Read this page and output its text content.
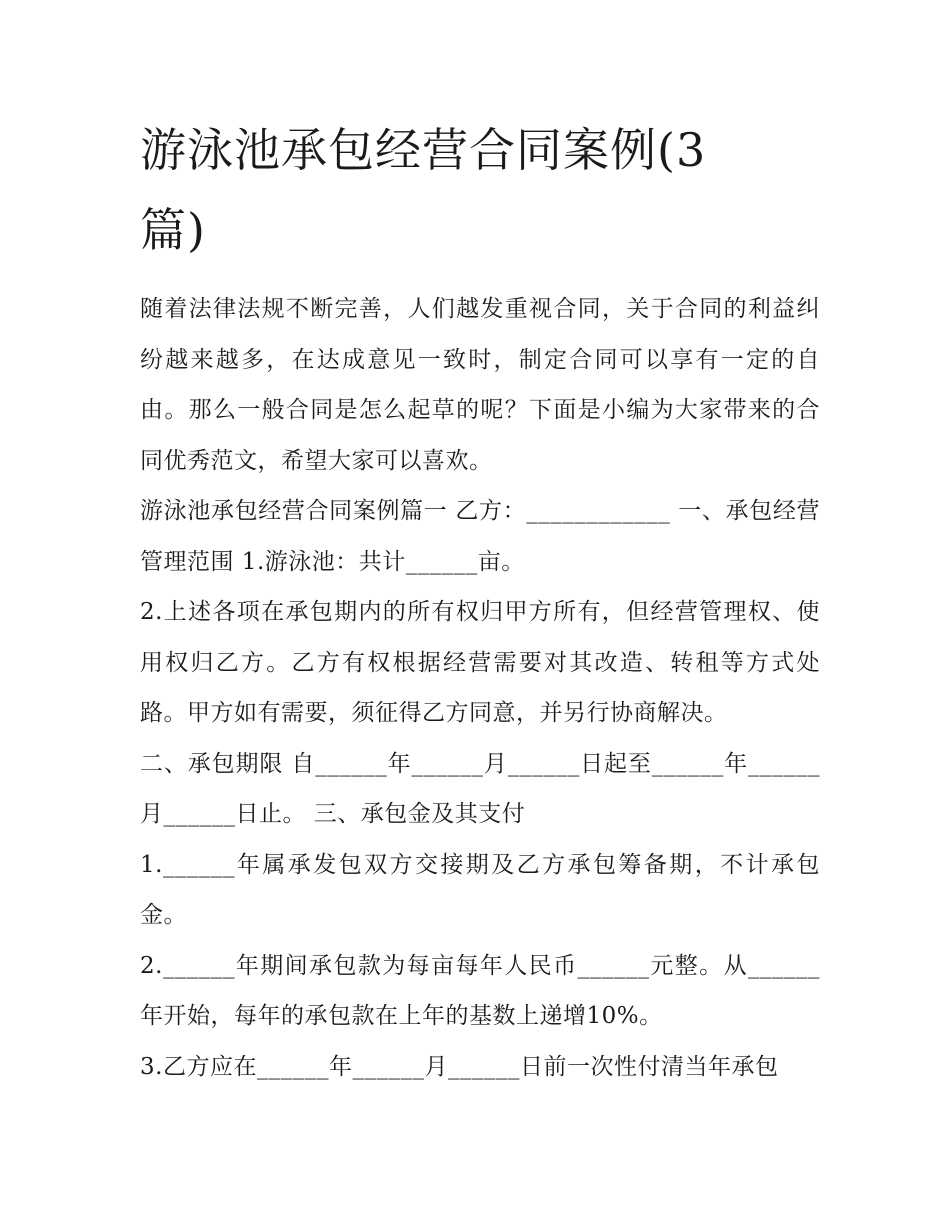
游泳池承包经营合同案例(3篇)

随着法律法规不断完善，人们越发重视合同，关于合同的利益纠纷越来越多，在达成意见一致时，制定合同可以享有一定的自由。那么一般合同是怎么起草的呢？下面是小编为大家带来的合同优秀范文，希望大家可以喜欢。

游泳池承包经营合同案例篇一 乙方：____________ 一、承包经营管理范围 1.游泳池：共计______亩。

2.上述各项在承包期内的所有权归甲方所有，但经营管理权、使用权归乙方。乙方有权根据经营需要对其改造、转租等方式处路。甲方如有需要，须征得乙方同意，并另行协商解决。

二、承包期限 自______年______月______日起至______年______月______日止。 三、承包金及其支付

1.______年属承发包双方交接期及乙方承包筹备期，不计承包金。

2.______年期间承包款为每亩每年人民币______元整。从______年开始，每年的承包款在上年的基数上递增10%。

3.乙方应在______年______月______日前一次性付清当年承包
